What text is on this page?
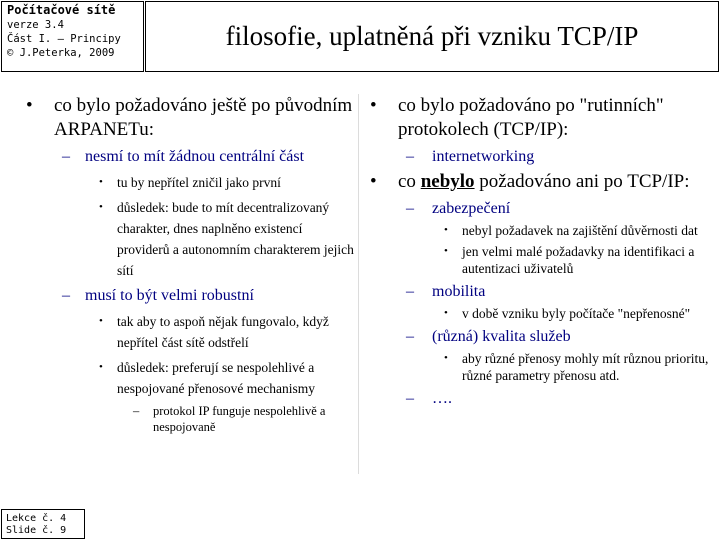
Počítačové sítě
verze 3.4
Část I. – Principy
© J.Peterka, 2009
filosofie, uplatněná při vzniku TCP/IP
• co bylo požadováno ještě po původním ARPANETu:
– nesmí to mít žádnou centrální část
• tu by nepřítel zničil jako první
• důsledek: bude to mít decentralizovaný charakter, dnes naplněno existencí providerů a autonomním charakterem jejich sítí
– musí to být velmi robustní
• tak aby to aspoň nějak fungovalo, když nepřítel část sítě odstřelí
• důsledek: preferují se nespolehlivé a nespojované přenosové mechanismy
– protokol IP funguje nespolehlivě a nespojovaně
• co bylo požadováno po "rutinních" protokolech (TCP/IP):
– internetworking
• co nebylo požadováno ani po TCP/IP:
– zabezpečení
• nebyl požadavek na zajištění důvěrnosti dat
• jen velmi malé požadavky na identifikaci a autentizaci uživatelů
– mobilita
• v době vzniku byly počítače "nepřenosné"
– (různá) kvalita služeb
• aby různé přenosy mohly mít různou prioritu, různé parametry přenosu atd.
– ….
Lekce č. 4
Slide č. 9
